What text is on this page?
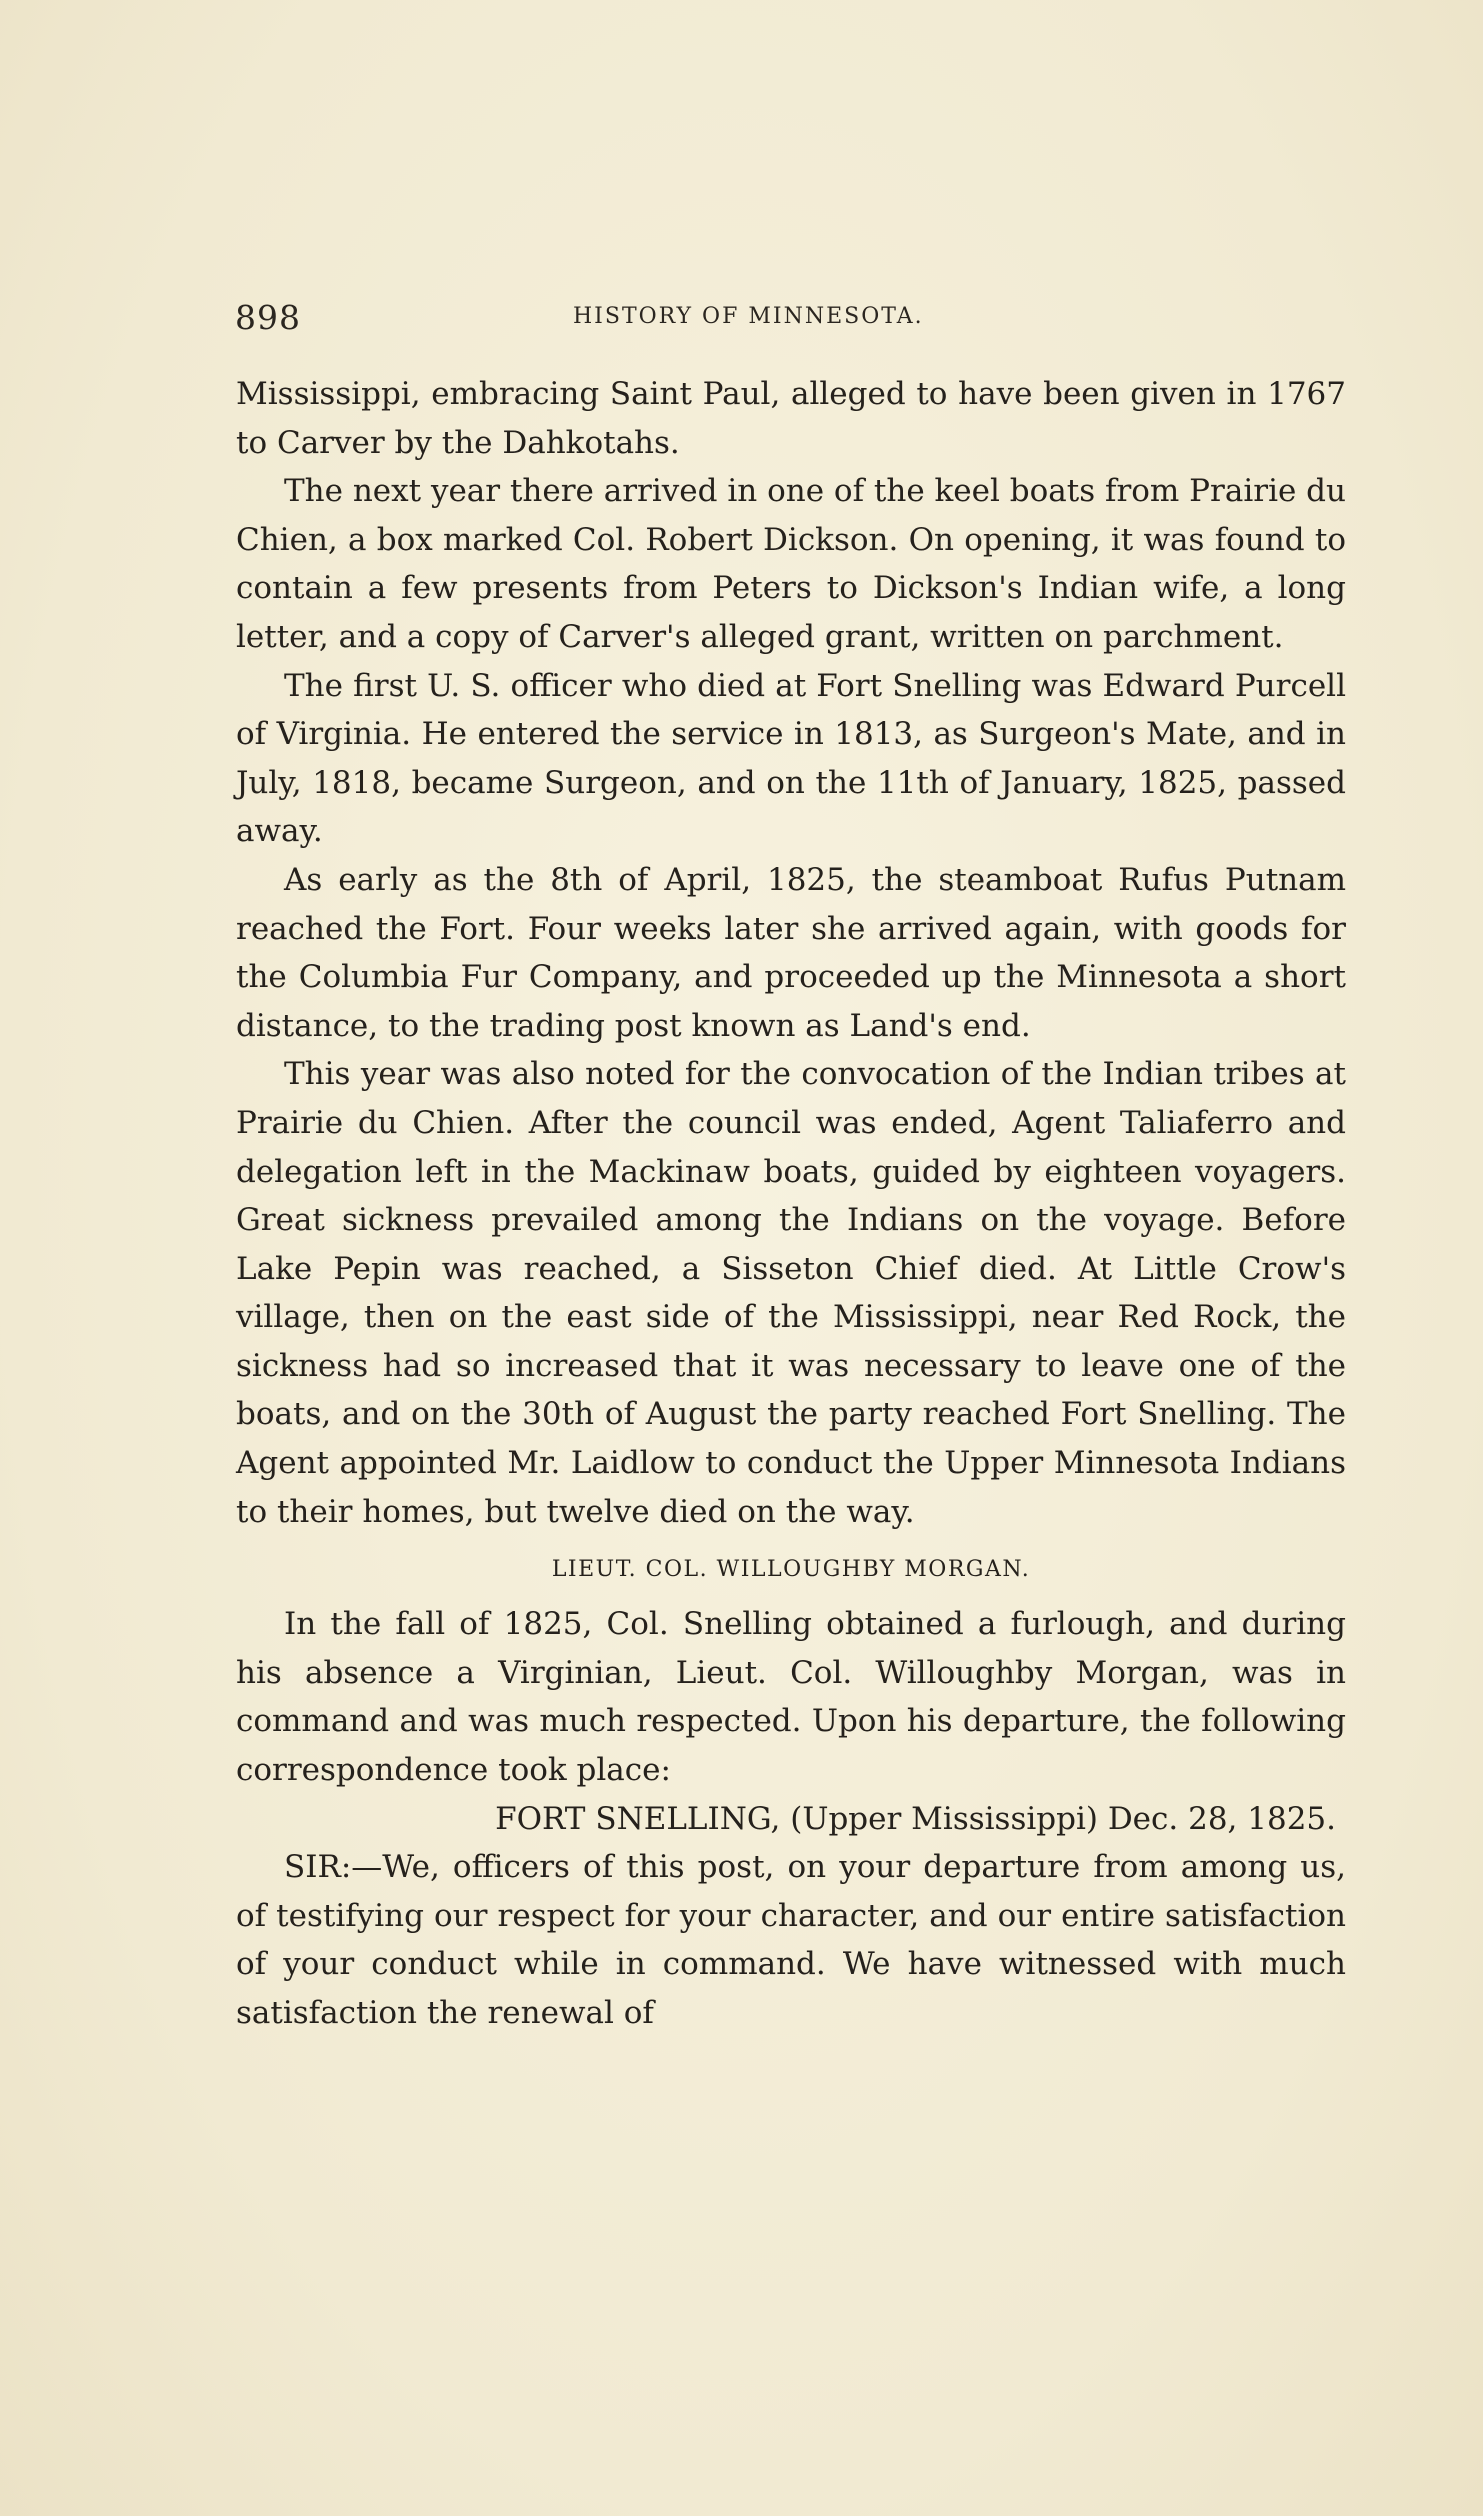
898	HISTORY OF MINNESOTA.

Mississippi, embracing Saint Paul, alleged to have been given in 1767 to Carver by the Dahkotahs.

The next year there arrived in one of the keel boats from Prairie du Chien, a box marked Col. Robert Dickson. On opening, it was found to contain a few presents from Peters to Dickson's Indian wife, a long letter, and a copy of Carver's alleged grant, written on parchment.

The first U. S. officer who died at Fort Snelling was Edward Purcell of Virginia. He entered the service in 1813, as Surgeon's Mate, and in July, 1818, became Surgeon, and on the 11th of January, 1825, passed away.

As early as the 8th of April, 1825, the steamboat Rufus Putnam reached the Fort. Four weeks later she arrived again, with goods for the Columbia Fur Company, and proceeded up the Minnesota a short distance, to the trading post known as Land's end.

This year was also noted for the convocation of the Indian tribes at Prairie du Chien. After the council was ended, Agent Taliaferro and delegation left in the Mackinaw boats, guided by eighteen voyagers. Great sickness prevailed among the Indians on the voyage. Before Lake Pepin was reached, a Sisseton Chief died. At Little Crow's village, then on the east side of the Mississippi, near Red Rock, the sickness had so increased that it was necessary to leave one of the boats, and on the 30th of August the party reached Fort Snelling. The Agent appointed Mr. Laidlow to conduct the Upper Minnesota Indians to their homes, but twelve died on the way.

LIEUT. COL. WILLOUGHBY MORGAN.

In the fall of 1825, Col. Snelling obtained a furlough, and during his absence a Virginian, Lieut. Col. Willoughby Morgan, was in command and was much respected. Upon his departure, the following correspondence took place:

FORT SNELLING, (Upper Mississippi) Dec. 28, 1825.

SIR:—We, officers of this post, on your departure from among us, of testifying our respect for your character, and our entire satisfaction of your conduct while in command. We have witnessed with much satisfaction the renewal of
